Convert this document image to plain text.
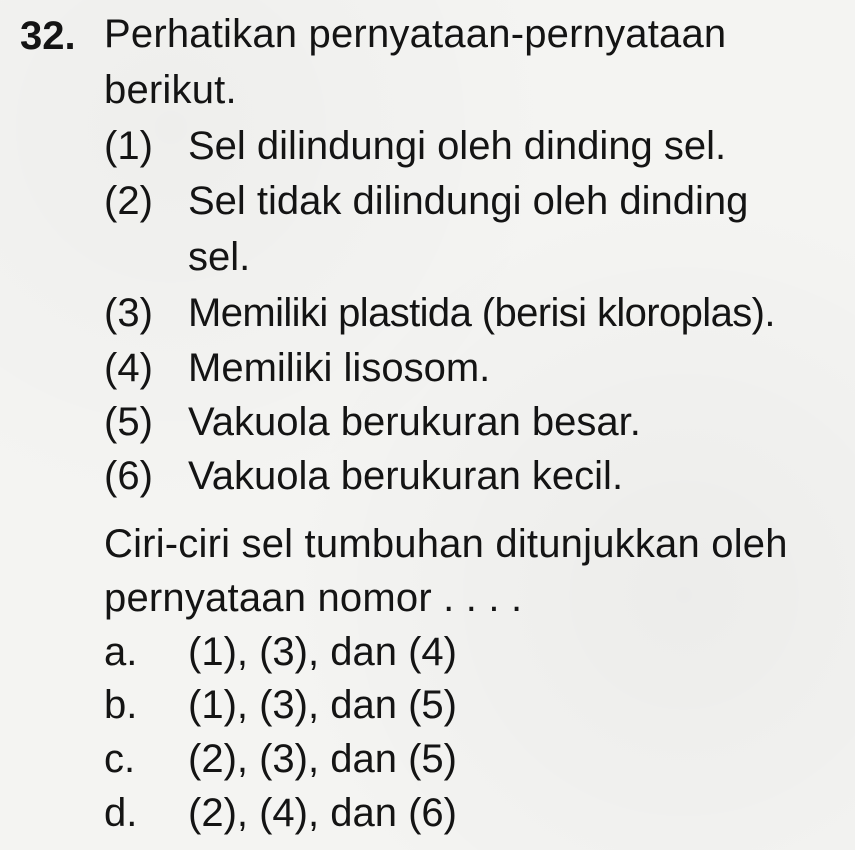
32. Perhatikan pernyataan-pernyataan
berikut.
(1) Sel dilindungi oleh dinding sel.
(2) Sel tidak dilindungi oleh dinding
sel.
(3) Memiliki plastida (berisi kloroplas).
(4) Memiliki lisosom.
(5) Vakuola berukuran besar.
(6) Vakuola berukuran kecil.
Ciri-ciri sel tumbuhan ditunjukkan oleh
pernyataan nomor . . . .
a. (1), (3), dan (4)
b. (1), (3), dan (5)
c. (2), (3), dan (5)
d. (2), (4), dan (6)
